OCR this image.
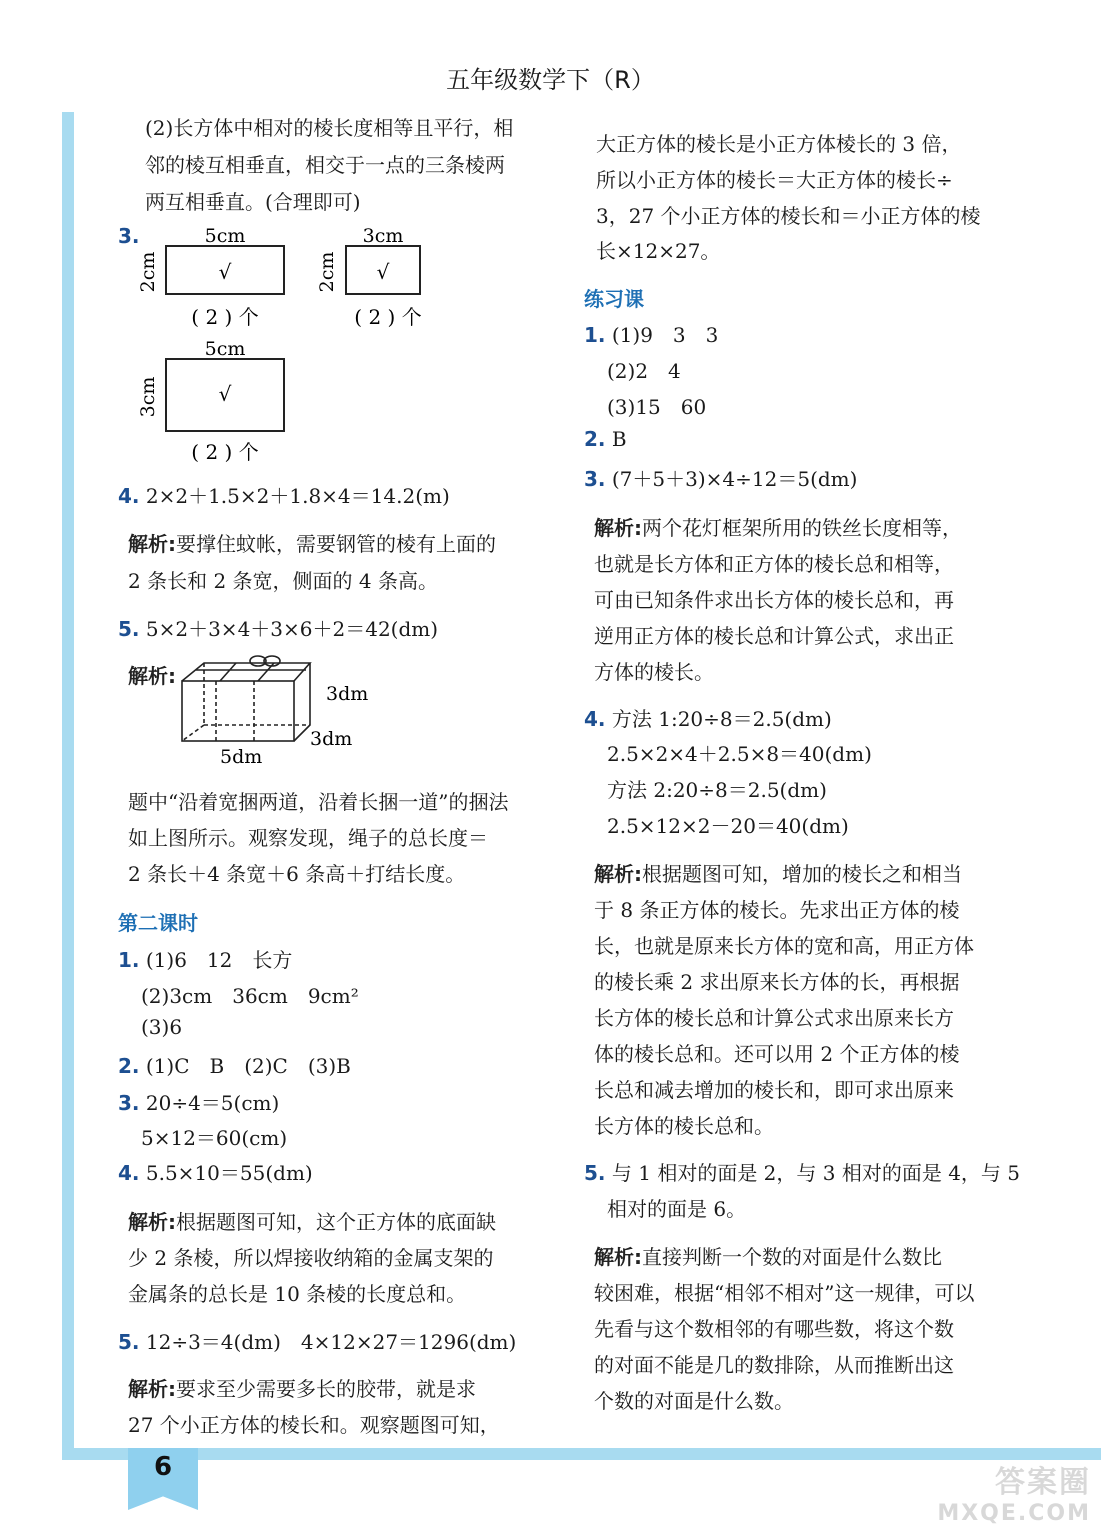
6
五年级数学下（R）
(2)长方体中相对的棱长度相等且平行，相
邻的棱互相垂直，相交于一点的三条棱两
两互相垂直。(合理即可)
3.	5cm
2cm	√
( 2 ) 个
3cm
2cm √
( 2 ) 个
5cm
3cm	√
( 2 ) 个
4. 2×2＋1.5×2＋1.8×4＝14.2(m)
解析:要撑住蚊帐，需要钢管的棱有上面的
2 条长和 2 条宽，侧面的 4 条高。
5. 5×2＋3×4＋3×6＋2＝42(dm)
解析:
3dm
3dm
5dm
题中“沿着宽捆两道，沿着长捆一道”的捆法
如上图所示。观察发现，绳子的总长度＝
2 条长＋4 条宽＋6 条高＋打结长度。
第二课时
1. (1)6　12　长方
(2)3cm　36cm　9cm²
(3)6
2. (1)C　B　(2)C　(3)B
3. 20÷4＝5(cm)
5×12＝60(cm)
4. 5.5×10＝55(dm)
解析:根据题图可知，这个正方体的底面缺
少 2 条棱，所以焊接收纳箱的金属支架的
金属条的总长是 10 条棱的长度总和。
5. 12÷3＝4(dm)　4×12×27＝1296(dm)
解析:要求至少需要多长的胶带，就是求
27 个小正方体的棱长和。观察题图可知，
大正方体的棱长是小正方体棱长的 3 倍，
所以小正方体的棱长＝大正方体的棱长÷
3，27 个小正方体的棱长和＝小正方体的棱
长×12×27。
练习课
1. (1)9　3　3
(2)2　4
(3)15　60
2. B
3. (7＋5＋3)×4÷12＝5(dm)
解析:两个花灯框架所用的铁丝长度相等，
也就是长方体和正方体的棱长总和相等，
可由已知条件求出长方体的棱长总和，再
逆用正方体的棱长总和计算公式，求出正
方体的棱长。
4. 方法 1:20÷8＝2.5(dm)
2.5×2×4＋2.5×8＝40(dm)
方法 2:20÷8＝2.5(dm)
2.5×12×2－20＝40(dm)
解析:根据题图可知，增加的棱长之和相当
于 8 条正方体的棱长。先求出正方体的棱
长，也就是原来长方体的宽和高，用正方体
的棱长乘 2 求出原来长方体的长，再根据
长方体的棱长总和计算公式求出原来长方
体的棱长总和。还可以用 2 个正方体的棱
长总和减去增加的棱长和，即可求出原来
长方体的棱长总和。
5. 与 1 相对的面是 2，与 3 相对的面是 4，与 5
相对的面是 6。
解析:直接判断一个数的对面是什么数比
较困难，根据“相邻不相对”这一规律，可以
先看与这个数相邻的有哪些数，将这个数
的对面不能是几的数排除，从而推断出这
个数的对面是什么数。
答案圈
MXQE.COM
